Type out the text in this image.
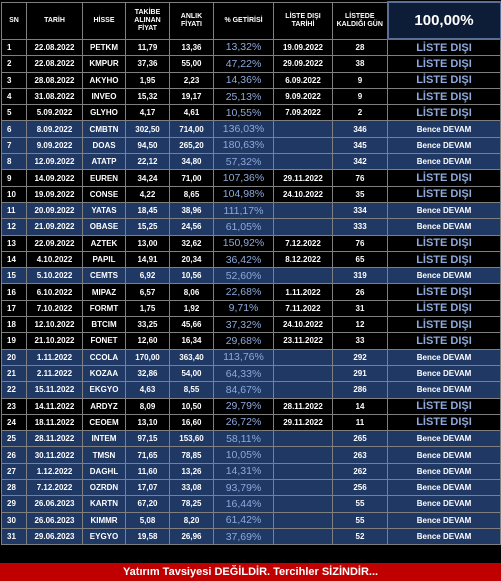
SN	TARİH	HİSSE	TAKİBE ALINAN FİYAT	ANLIK FİYATI	% GETİRİSİ	LİSTE DIŞI TARİHİ	LİSTEDE KALDIĞI GÜN	100,00%
1	22.08.2022	PETKM	11,79	13,36	13,32%	19.09.2022	28	LİSTE DIŞI
2	22.08.2022	KMPUR	37,36	55,00	47,22%	29.09.2022	38	LİSTE DIŞI
3	28.08.2022	AKYHO	1,95	2,23	14,36%	6.09.2022	9	LİSTE DIŞI
4	31.08.2022	INVEO	15,32	19,17	25,13%	9.09.2022	9	LİSTE DIŞI
5	5.09.2022	GLYHO	4,17	4,61	10,55%	7.09.2022	2	LİSTE DIŞI
6	8.09.2022	CMBTN	302,50	714,00	136,03%		346	Bence DEVAM
7	9.09.2022	DOAS	94,50	265,20	180,63%		345	Bence DEVAM
8	12.09.2022	ATATP	22,12	34,80	57,32%		342	Bence DEVAM
9	14.09.2022	EUREN	34,24	71,00	107,36%	29.11.2022	76	LİSTE DIŞI
10	19.09.2022	CONSE	4,22	8,65	104,98%	24.10.2022	35	LİSTE DIŞI
11	20.09.2022	YATAS	18,45	38,96	111,17%		334	Bence DEVAM
12	21.09.2022	OBASE	15,25	24,56	61,05%		333	Bence DEVAM
13	22.09.2022	AZTEK	13,00	32,62	150,92%	7.12.2022	76	LİSTE DIŞI
14	4.10.2022	PAPIL	14,91	20,34	36,42%	8.12.2022	65	LİSTE DIŞI
15	5.10.2022	CEMTS	6,92	10,56	52,60%		319	Bence DEVAM
16	6.10.2022	MIPAZ	6,57	8,06	22,68%	1.11.2022	26	LİSTE DIŞI
17	7.10.2022	FORMT	1,75	1,92	9,71%	7.11.2022	31	LİSTE DIŞI
18	12.10.2022	BTCIM	33,25	45,66	37,32%	24.10.2022	12	LİSTE DIŞI
19	21.10.2022	FONET	12,60	16,34	29,68%	23.11.2022	33	LİSTE DIŞI
20	1.11.2022	CCOLA	170,00	363,40	113,76%		292	Bence DEVAM
21	2.11.2022	KOZAA	32,86	54,00	64,33%		291	Bence DEVAM
22	15.11.2022	EKGYO	4,63	8,55	84,67%		286	Bence DEVAM
23	14.11.2022	ARDYZ	8,09	10,50	29,79%	28.11.2022	14	LİSTE DIŞI
24	18.11.2022	CEOEM	13,10	16,60	26,72%	29.11.2022	11	LİSTE DIŞI
25	28.11.2022	INTEM	97,15	153,60	58,11%		265	Bence DEVAM
26	30.11.2022	TMSN	71,65	78,85	10,05%		263	Bence DEVAM
27	1.12.2022	DAGHL	11,60	13,26	14,31%		262	Bence DEVAM
28	7.12.2022	OZRDN	17,07	33,08	93,79%		256	Bence DEVAM
29	26.06.2023	KARTN	67,20	78,25	16,44%		55	Bence DEVAM
30	26.06.2023	KIMMR	5,08	8,20	61,42%		55	Bence DEVAM
31	29.06.2023	EYGYO	19,58	26,96	37,69%		52	Bence DEVAM
Yatırım Tavsiyesi DEĞİLDİR. Tercihler SİZİNDİR...
